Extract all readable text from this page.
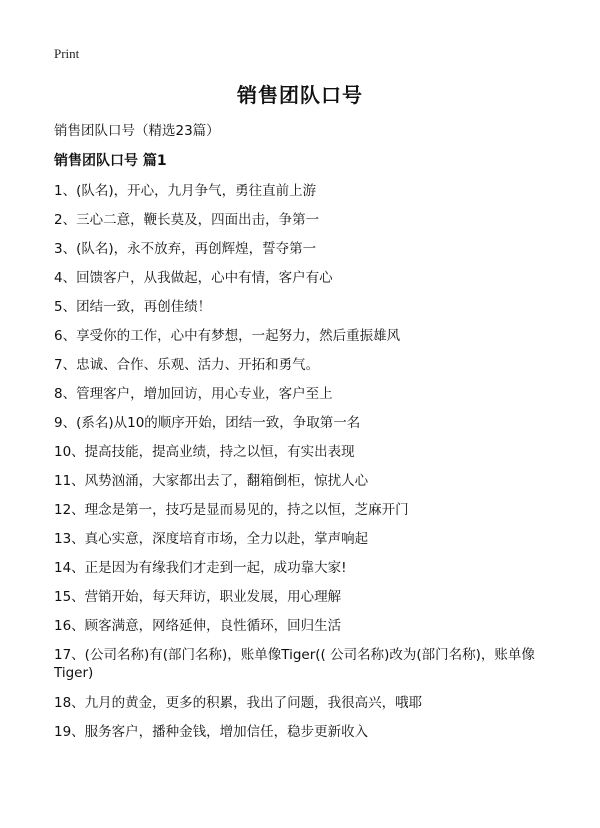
Print
销售团队口号

销售团队口号（精选23篇）

销售团队口号 篇1
1、(队名)，开心，九月争气，勇往直前上游
2、三心二意，鞭长莫及，四面出击，争第一
3、(队名)，永不放弃，再创辉煌，誓夺第一
4、回馈客户，从我做起，心中有情，客户有心
5、团结一致，再创佳绩！
6、享受你的工作，心中有梦想，一起努力，然后重振雄风
7、忠诚、合作、乐观、活力、开拓和勇气。
8、管理客户，增加回访，用心专业，客户至上
9、(系名)从10的顺序开始，团结一致，争取第一名
10、提高技能，提高业绩，持之以恒，有实出表现
11、风势汹涌，大家都出去了，翻箱倒柜，惊扰人心
12、理念是第一，技巧是显而易见的，持之以恒，芝麻开门
13、真心实意，深度培育市场，全力以赴，掌声响起
14、正是因为有缘我们才走到一起，成功靠大家!
15、营销开始，每天拜访，职业发展，用心理解
16、顾客满意，网络延伸，良性循环，回归生活
17、(公司名称)有(部门名称)，账单像Tiger(( 公司名称)改为(部门名称)，账单像Tiger)
18、九月的黄金，更多的积累，我出了问题，我很高兴，哦耶
19、服务客户，播种金钱，增加信任，稳步更新收入
